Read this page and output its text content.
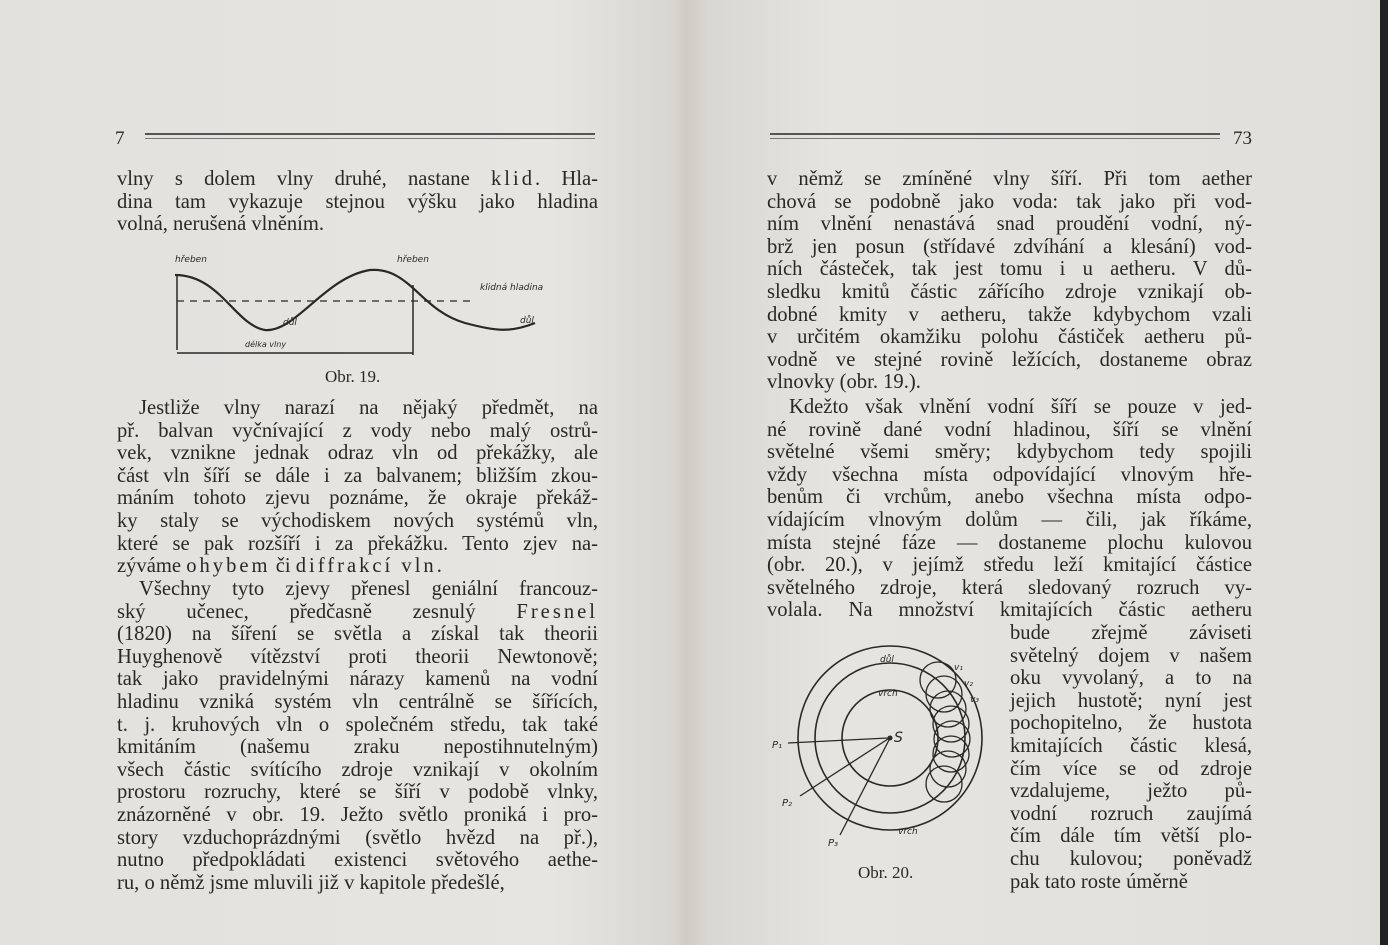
7
vlny s dolem vlny druhé, nastane klid. Hla-
dina tam vykazuje stejnou výšku jako hladina
volná, nerušená vlněním.
hřeben	hřeben
klidná hladina
důl	důl
délka vlny
Obr. 19.
Jestliže vlny narazí na nějaký předmět, na
př. balvan vyčnívající z vody nebo malý ostrů-
vek, vznikne jednak odraz vln od překážky, ale
část vln šíří se dále i za balvanem; bližším zkou-
máním tohoto zjevu poznáme, že okraje překáž-
ky staly se východiskem nových systémů vln,
které se pak rozšíří i za překážku. Tento zjev na-
zýváme ohybem či diffrakcí vln.
Všechny tyto zjevy přenesl geniální francouz-
ský učenec, předčasně zesnulý Fresnel
(1820) na šíření se světla a získal tak theorii
Huyghenově vítězství proti theorii Newtonově;
tak jako pravidelnými nárazy kamenů na vodní
hladinu vzniká systém vln centrálně se šířících,
t. j. kruhových vln o společném středu, tak také
kmitáním (našemu zraku nepostihnutelným)
všech částic svítícího zdroje vznikají v okolním
prostoru rozruchy, které se šíří v podobě vlnky,
znázorněné v obr. 19. Ježto světlo proniká i pro-
story vzduchoprázdnými (světlo hvězd na př.),
nutno předpokládati existenci světového aethe-
ru, o němž jsme mluvili již v kapitole předešlé,
73
v němž se zmíněné vlny šíří. Při tom aether
chová se podobně jako voda: tak jako při vod-
ním vlnění nenastává snad proudění vodní, ný-
brž jen posun (střídavé zdvíhání a klesání) vod-
ních částeček, tak jest tomu i u aetheru. V dů-
sledku kmitů částic zářícího zdroje vznikají ob-
dobné kmity v aetheru, takže kdybychom vzali
v určitém okamžiku polohu částiček aetheru pů-
vodně ve stejné rovině ležících, dostaneme obraz
vlnovky (obr. 19.).
Kdežto však vlnění vodní šíří se pouze v jed-
né rovině dané vodní hladinou, šíří se vlnění
světelné všemi směry; kdybychom tedy spojili
vždy všechna místa odpovídající vlnovým hře-
benům či vrchům, anebo všechna místa odpo-
vídajícím vlnovým dolům — čili, jak říkáme,
místa stejné fáze — dostaneme plochu kulovou
(obr. 20.), v jejímž středu leží kmitající částice
světelného zdroje, která sledovaný rozruch vy-
volala. Na množství kmitajících částic aetheru
bude zřejmě záviseti
světelný dojem v našem
oku vyvolaný, a to na
jejich hustotě; nyní jest
pochopitelno, že hustota
kmitajících částic klesá,
čím více se od zdroje
vzdalujeme, ježto pů-
vodní rozruch zaujímá
čím dále tím větší plo-
chu kulovou; poněvadž
pak tato roste úměrně
důl
vrch
vrch
S
P₁
P₂
P₃
v₁
v₂
v₃
Obr. 20.
